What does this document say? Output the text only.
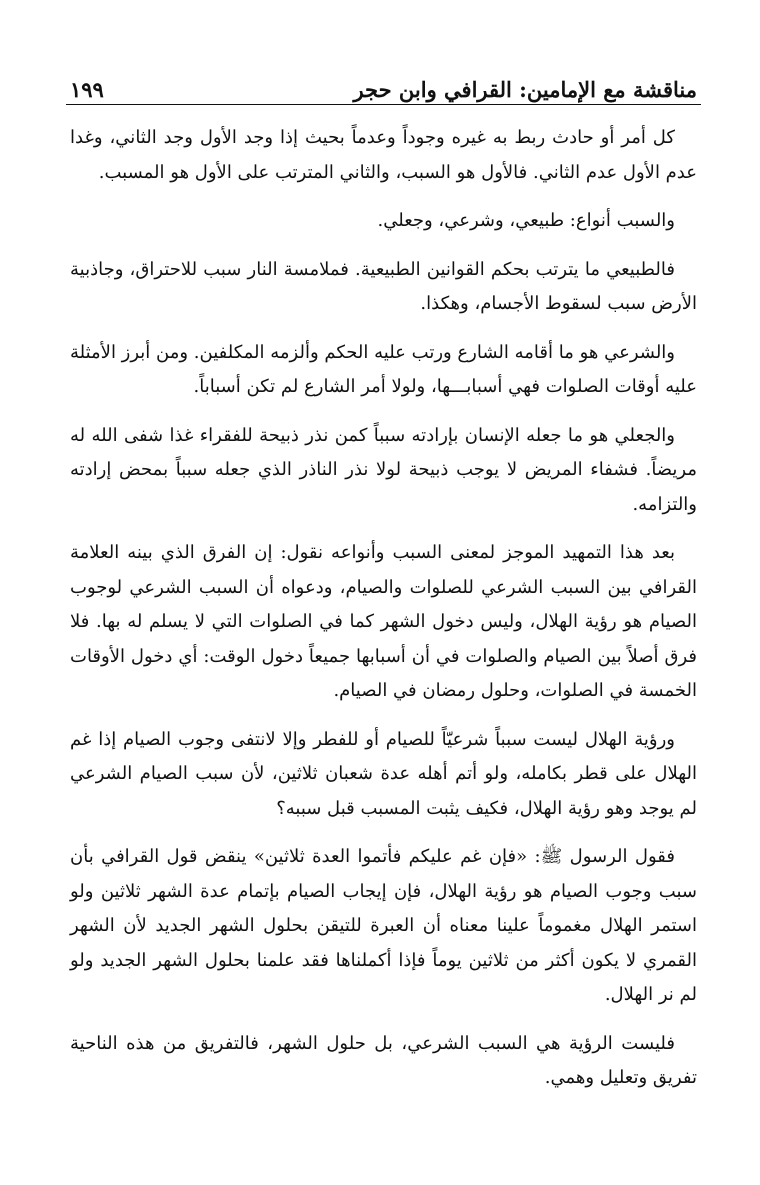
مناقشة مع الإمامين: القرافي وابن حجر
١٩٩

كل أمر أو حادث ربط به غيره وجوداً وعدماً بحيث إذا وجد الأول وجد الثاني، وغدا عدم الأول عدم الثاني. فالأول هو السبب، والثاني المترتب على الأول هو المسبب.

والسبب أنواع: طبيعي، وشرعي، وجعلي.

فالطبيعي ما يترتب بحكم القوانين الطبيعية. فملامسة النار سبب للاحتراق، وجاذبية الأرض سبب لسقوط الأجسام، وهكذا.

والشرعي هو ما أقامه الشارع ورتب عليه الحكم وألزمه المكلفين. ومن أبرز الأمثلة عليه أوقات الصلوات فهي أسبابـــها، ولولا أمر الشارع لم تكن أسباباً.

والجعلي هو ما جعله الإنسان بإرادته سبباً كمن نذر ذبيحة للفقراء غذا شفى الله له مريضاً. فشفاء المريض لا يوجب ذبيحة لولا نذر الناذر الذي جعله سبباً بمحض إرادته والتزامه.

بعد هذا التمهيد الموجز لمعنى السبب وأنواعه نقول: إن الفرق الذي بينه العلامة القرافي بين السبب الشرعي للصلوات والصيام، ودعواه أن السبب الشرعي لوجوب الصيام هو رؤية الهلال، وليس دخول الشهر كما في الصلوات التي لا يسلم له بها. فلا فرق أصلاً بين الصيام والصلوات في أن أسبابها جميعاً دخول الوقت: أي دخول الأوقات الخمسة في الصلوات، وحلول رمضان في الصيام.

ورؤية الهلال ليست سبباً شرعيّاً للصيام أو للفطر وإلا لانتفى وجوب الصيام إذا غم الهلال على قطر بكامله، ولو أتم أهله عدة شعبان ثلاثين، لأن سبب الصيام الشرعي لم يوجد وهو رؤية الهلال، فكيف يثبت المسبب قبل سببه؟

فقول الرسول ﷺ: «فإن غم عليكم فأتموا العدة ثلاثين» ينقض قول القرافي بأن سبب وجوب الصيام هو رؤية الهلال، فإن إيجاب الصيام بإتمام عدة الشهر ثلاثين ولو استمر الهلال مغموماً علينا معناه أن العبرة للتيقن بحلول الشهر الجديد لأن الشهر القمري لا يكون أكثر من ثلاثين يوماً فإذا أكملناها فقد علمنا بحلول الشهر الجديد ولو لم نر الهلال.

فليست الرؤية هي السبب الشرعي، بل حلول الشهر، فالتفريق من هذه الناحية تفريق وتعليل وهمي.
